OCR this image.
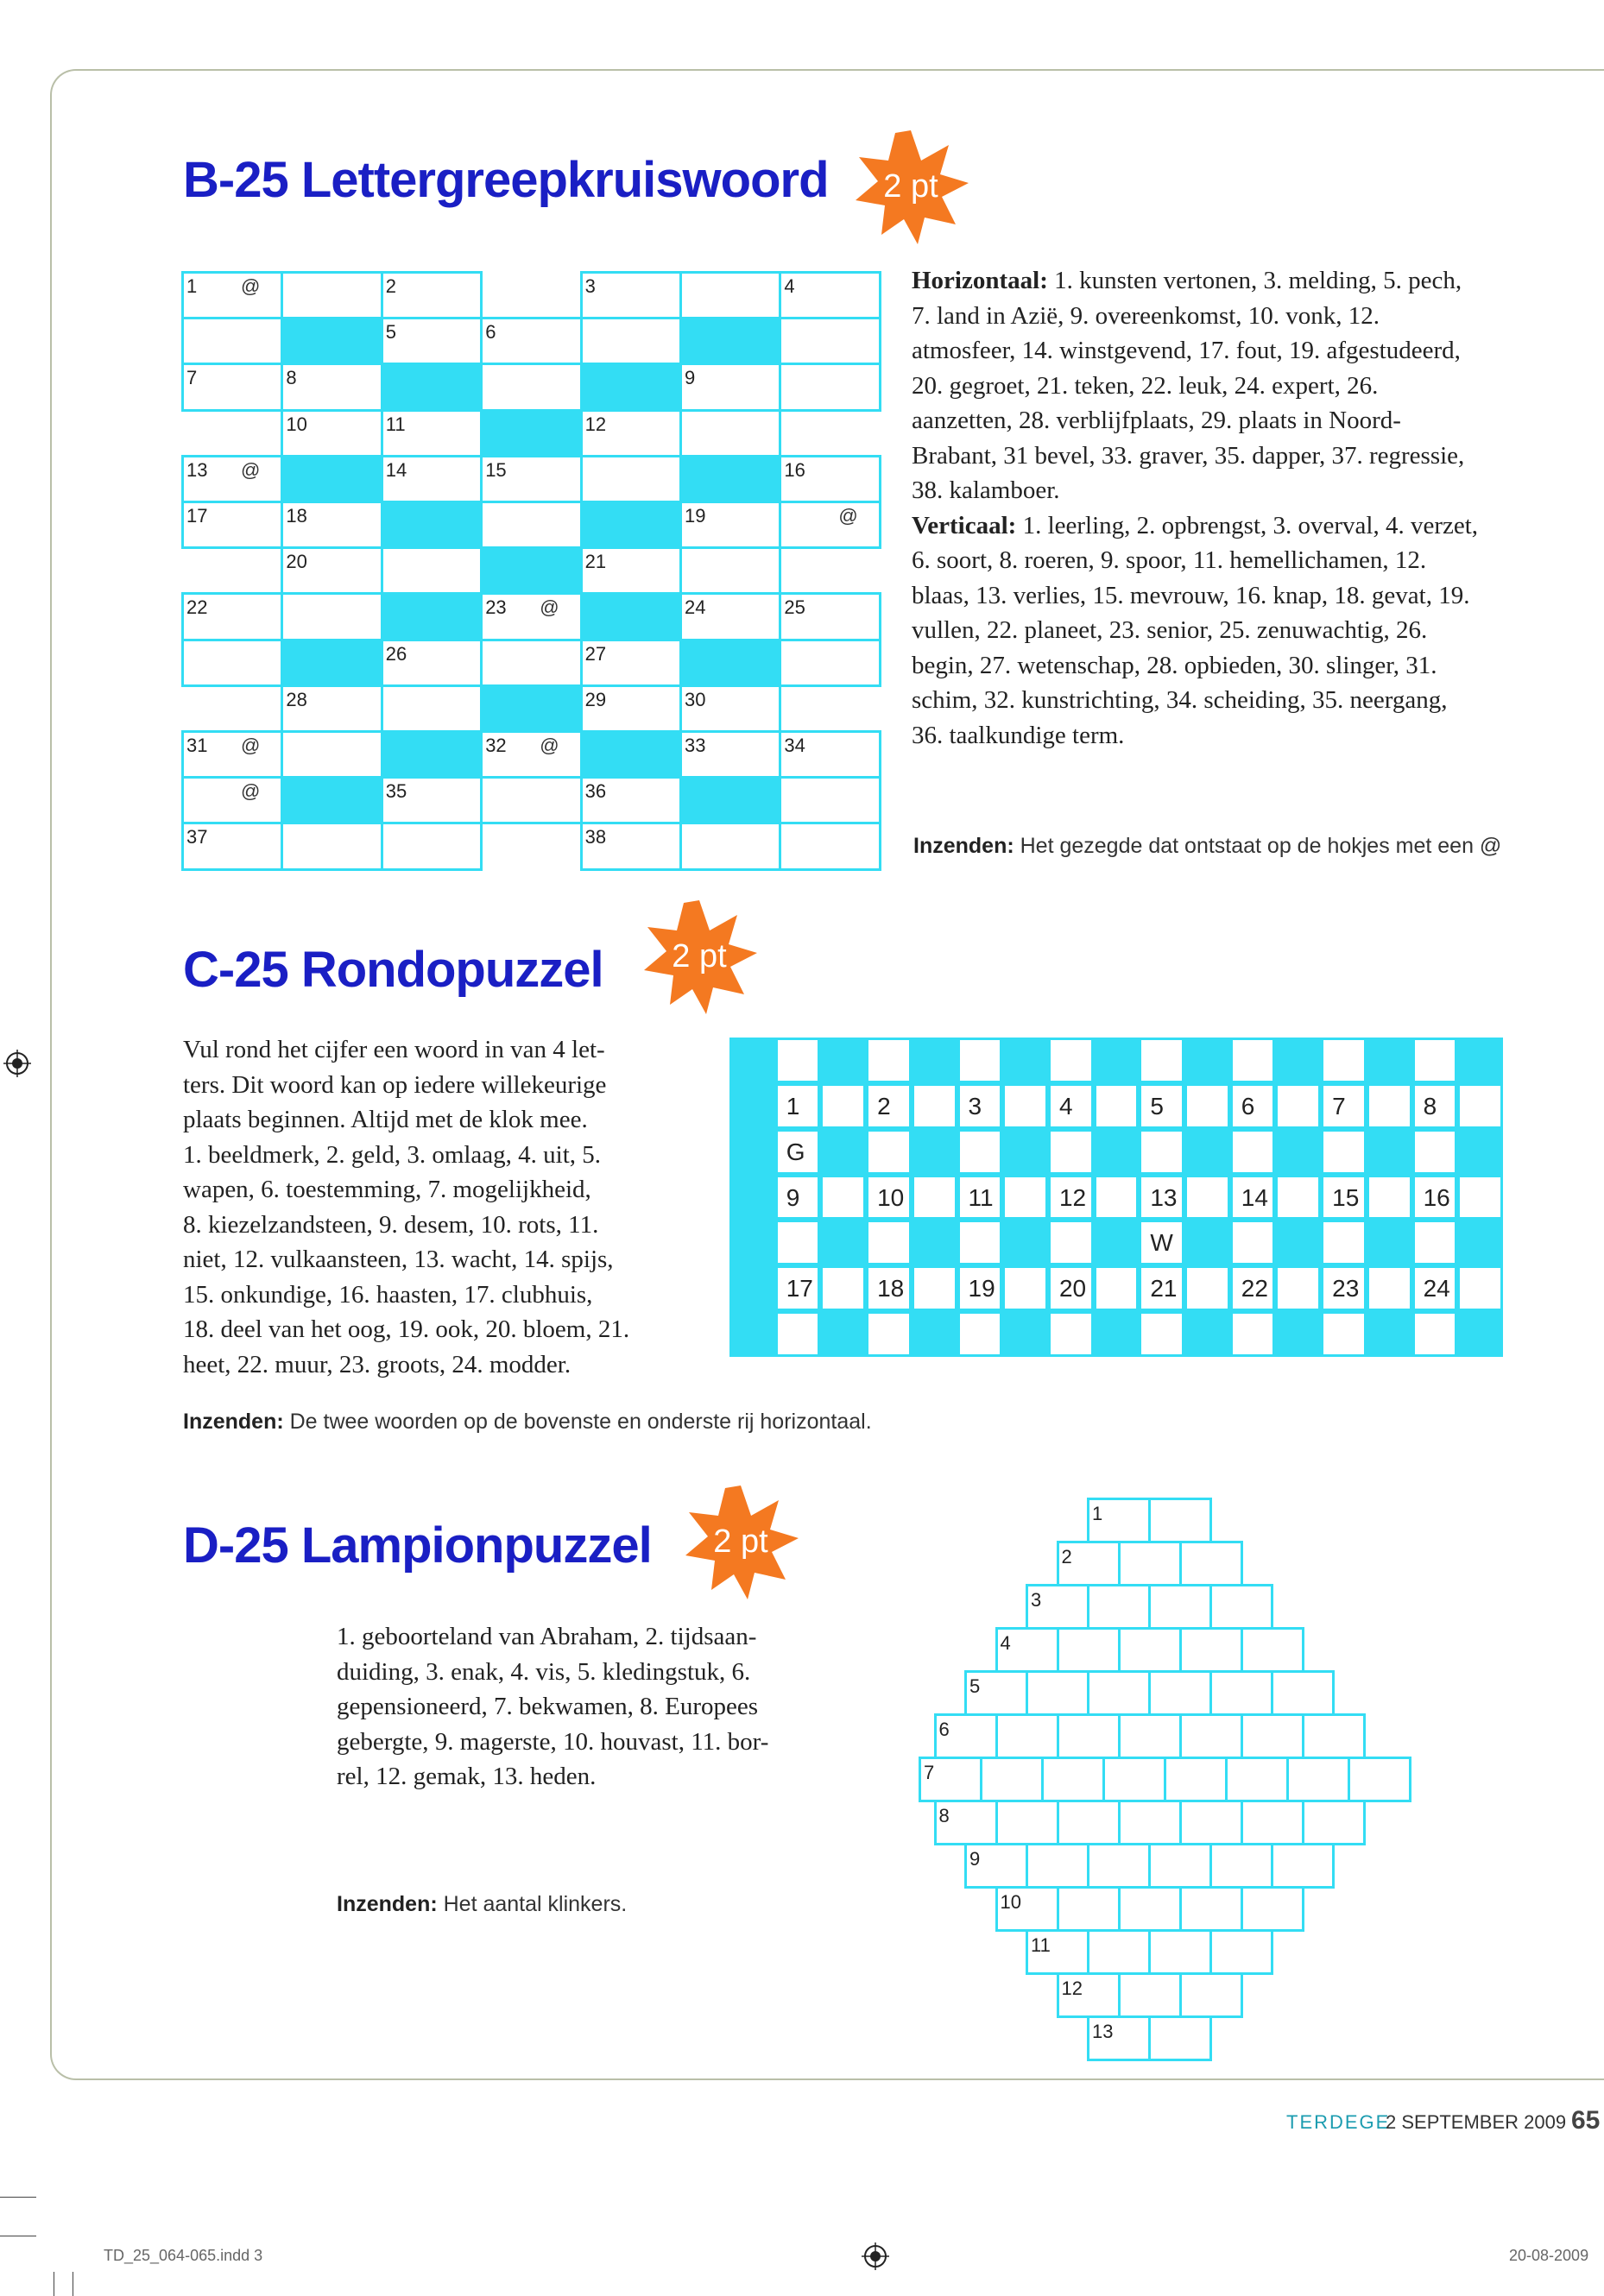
B-25 Lettergreepkruiswoord	2 pt
1 @	2	3	4
5	6
7	8	9
10	11	12
13 @	14	15	16
17	18	19	@
20	21
22	23 @	24	25
26	27
28	29	30
31 @	32 @	33	34
@	35	36
37	38
Horizontaal: 1. kunsten vertonen, 3. melding, 5. pech, 7. land in Azië, 9. overeenkomst, 10. vonk, 12. atmosfeer, 14. winstgevend, 17. fout, 19. afgestudeerd, 20. gegroet, 21. teken, 22. leuk, 24. expert, 26. aanzetten, 28. verblijfplaats, 29. plaats in Noord-Brabant, 31 bevel, 33. graver, 35. dapper, 37. regressie, 38. kalamboer.
Verticaal: 1. leerling, 2. opbrengst, 3. overval, 4. verzet, 6. soort, 8. roeren, 9. spoor, 11. hemellichamen, 12. blaas, 13. verlies, 15. mevrouw, 16. knap, 18. gevat, 19. vullen, 22. planeet, 23. senior, 25. zenuwachtig, 26. begin, 27. wetenschap, 28. opbieden, 30. slinger, 31. schim, 32. kunstrichting, 34. scheiding, 35. neergang, 36. taalkundige term.
Inzenden: Het gezegde dat ontstaat op de hokjes met een @
C-25 Rondopuzzel	2 pt
Vul rond het cijfer een woord in van 4 let-
ters. Dit woord kan op iedere willekeurige
plaats beginnen. Altijd met de klok mee.
1. beeldmerk, 2. geld, 3. omlaag, 4. uit, 5.
wapen, 6. toestemming, 7. mogelijkheid,
8. kiezelzandsteen, 9. desem, 10. rots, 11.
niet, 12. vulkaansteen, 13. wacht, 14. spijs,
15. onkundige, 16. haasten, 17. clubhuis,
18. deel van het oog, 19. ook, 20. bloem, 21.
heet, 22. muur, 23. groots, 24. modder.
1	2	3	4	5	6	7	8
G
9	10	11	12	13	14	15	16
W
17	18	19	20	21	22	23	24
Inzenden: De twee woorden op de bovenste en onderste rij horizontaal.
D-25 Lampionpuzzel	2 pt
1. geboorteland van Abraham, 2. tijdsaan-
duiding, 3. enak, 4. vis, 5. kledingstuk, 6.
gepensioneerd, 7. bekwamen, 8. Europees
gebergte, 9. magerste, 10. houvast, 11. bor-
rel, 12. gemak, 13. heden.
Inzenden: Het aantal klinkers.
1
2
3
4
5
6
7
8
9
10
11
12
13
TERDEGE
2 SEPTEMBER 2009 65
TD_25_064-065.indd 3	20-08-2009
